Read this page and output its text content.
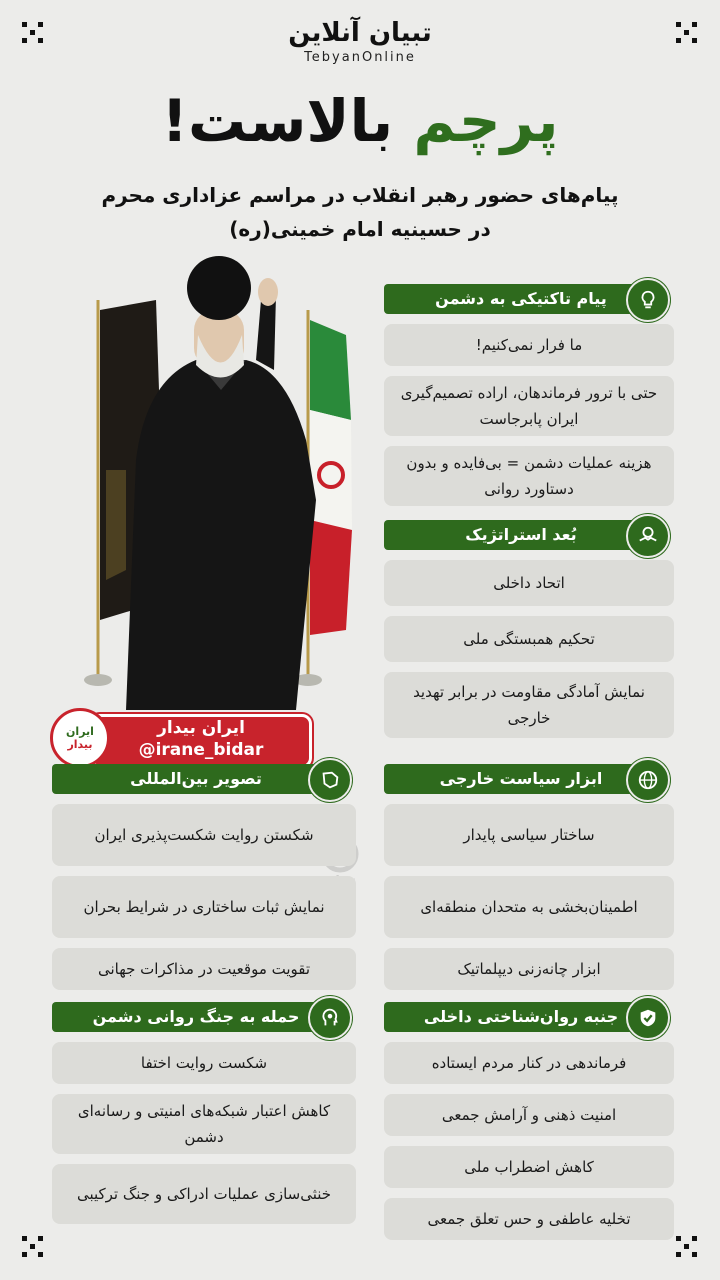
تبیان آنلاین
TebyanOnline
پرچم بالاست!
پیام‌های حضور رهبر انقلاب در مراسم عزاداری محرم
در حسینیه امام خمینی(ره)
ایران بیدار
@irane_bidar
ایران
بیدار
پیام تاکتیکی به دشمن
ما فرار نمی‌کنیم!
حتی با ترور فرماندهان، اراده تصمیم‌گیری ایران پابرجاست
هزینه عملیات دشمن = بی‌فایده و بدون دستاورد روانی
بُعد استراتژیک
اتحاد داخلی
تحکیم همبستگی ملی
نمایش آمادگی مقاومت در برابر تهدید خارجی
تصویر بین‌المللی
شکستن روایت شکست‌پذیری ایران
نمایش ثبات ساختاری در شرایط بحران
تقویت موقعیت در مذاکرات جهانی
ابزار سیاست خارجی
ساختار سیاسی پایدار
اطمینان‌بخشی به متحدان منطقه‌ای
ابزار چانه‌زنی دیپلماتیک
حمله به جنگ روانی دشمن
شکست روایت اختفا
کاهش اعتبار شبکه‌های امنیتی و رسانه‌ای دشمن
خنثی‌سازی عملیات ادراکی و جنگ ترکیبی
جنبه روان‌شناختی داخلی
فرماندهی در کنار مردم ایستاده
امنیت ذهنی و آرامش جمعی
کاهش اضطراب ملی
تخلیه عاطفی و حس تعلق جمعی
